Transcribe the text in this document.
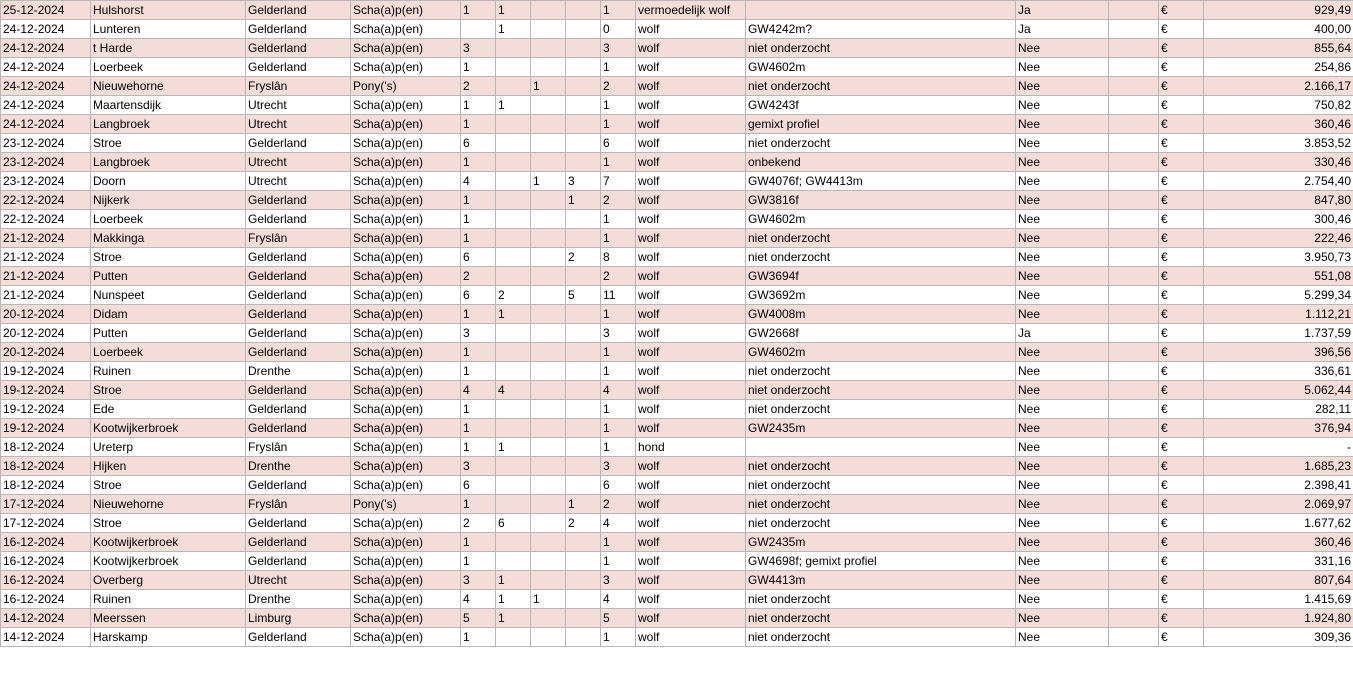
25-12-2024	Hulshorst	Gelderland	Scha(a)p(en)	1	1			1	vermoedelijk wolf		Ja		€	929,49
24-12-2024	Lunteren	Gelderland	Scha(a)p(en)		1			0	wolf	GW4242m?	Ja		€	400,00
24-12-2024	t Harde	Gelderland	Scha(a)p(en)	3				3	wolf	niet onderzocht	Nee		€	855,64
24-12-2024	Loerbeek	Gelderland	Scha(a)p(en)	1				1	wolf	GW4602m	Nee		€	254,86
24-12-2024	Nieuwehorne	Fryslân	Pony('s)	2		1		2	wolf	niet onderzocht	Nee		€	2.166,17
24-12-2024	Maartensdijk	Utrecht	Scha(a)p(en)	1	1			1	wolf	GW4243f	Nee		€	750,82
24-12-2024	Langbroek	Utrecht	Scha(a)p(en)	1				1	wolf	gemixt profiel	Nee		€	360,46
23-12-2024	Stroe	Gelderland	Scha(a)p(en)	6				6	wolf	niet onderzocht	Nee		€	3.853,52
23-12-2024	Langbroek	Utrecht	Scha(a)p(en)	1				1	wolf	onbekend	Nee		€	330,46
23-12-2024	Doorn	Utrecht	Scha(a)p(en)	4		1	3	7	wolf	GW4076f; GW4413m	Nee		€	2.754,40
22-12-2024	Nijkerk	Gelderland	Scha(a)p(en)	1			1	2	wolf	GW3816f	Nee		€	847,80
22-12-2024	Loerbeek	Gelderland	Scha(a)p(en)	1				1	wolf	GW4602m	Nee		€	300,46
21-12-2024	Makkinga	Fryslân	Scha(a)p(en)	1				1	wolf	niet onderzocht	Nee		€	222,46
21-12-2024	Stroe	Gelderland	Scha(a)p(en)	6			2	8	wolf	niet onderzocht	Nee		€	3.950,73
21-12-2024	Putten	Gelderland	Scha(a)p(en)	2				2	wolf	GW3694f	Nee		€	551,08
21-12-2024	Nunspeet	Gelderland	Scha(a)p(en)	6	2		5	11	wolf	GW3692m	Nee		€	5.299,34
20-12-2024	Didam	Gelderland	Scha(a)p(en)	1	1			1	wolf	GW4008m	Nee		€	1.112,21
20-12-2024	Putten	Gelderland	Scha(a)p(en)	3				3	wolf	GW2668f	Ja		€	1.737,59
20-12-2024	Loerbeek	Gelderland	Scha(a)p(en)	1				1	wolf	GW4602m	Nee		€	396,56
19-12-2024	Ruinen	Drenthe	Scha(a)p(en)	1				1	wolf	niet onderzocht	Nee		€	336,61
19-12-2024	Stroe	Gelderland	Scha(a)p(en)	4	4			4	wolf	niet onderzocht	Nee		€	5.062,44
19-12-2024	Ede	Gelderland	Scha(a)p(en)	1				1	wolf	niet onderzocht	Nee		€	282,11
19-12-2024	Kootwijkerbroek	Gelderland	Scha(a)p(en)	1				1	wolf	GW2435m	Nee		€	376,94
18-12-2024	Ureterp	Fryslân	Scha(a)p(en)	1	1			1	hond		Nee		€	-
18-12-2024	Hijken	Drenthe	Scha(a)p(en)	3				3	wolf	niet onderzocht	Nee		€	1.685,23
18-12-2024	Stroe	Gelderland	Scha(a)p(en)	6				6	wolf	niet onderzocht	Nee		€	2.398,41
17-12-2024	Nieuwehorne	Fryslân	Pony('s)	1			1	2	wolf	niet onderzocht	Nee		€	2.069,97
17-12-2024	Stroe	Gelderland	Scha(a)p(en)	2	6		2	4	wolf	niet onderzocht	Nee		€	1.677,62
16-12-2024	Kootwijkerbroek	Gelderland	Scha(a)p(en)	1				1	wolf	GW2435m	Nee		€	360,46
16-12-2024	Kootwijkerbroek	Gelderland	Scha(a)p(en)	1				1	wolf	GW4698f; gemixt profiel	Nee		€	331,16
16-12-2024	Overberg	Utrecht	Scha(a)p(en)	3	1			3	wolf	GW4413m	Nee		€	807,64
16-12-2024	Ruinen	Drenthe	Scha(a)p(en)	4	1	1		4	wolf	niet onderzocht	Nee		€	1.415,69
14-12-2024	Meerssen	Limburg	Scha(a)p(en)	5	1			5	wolf	niet onderzocht	Nee		€	1.924,80
14-12-2024	Harskamp	Gelderland	Scha(a)p(en)	1				1	wolf	niet onderzocht	Nee		€	309,36
